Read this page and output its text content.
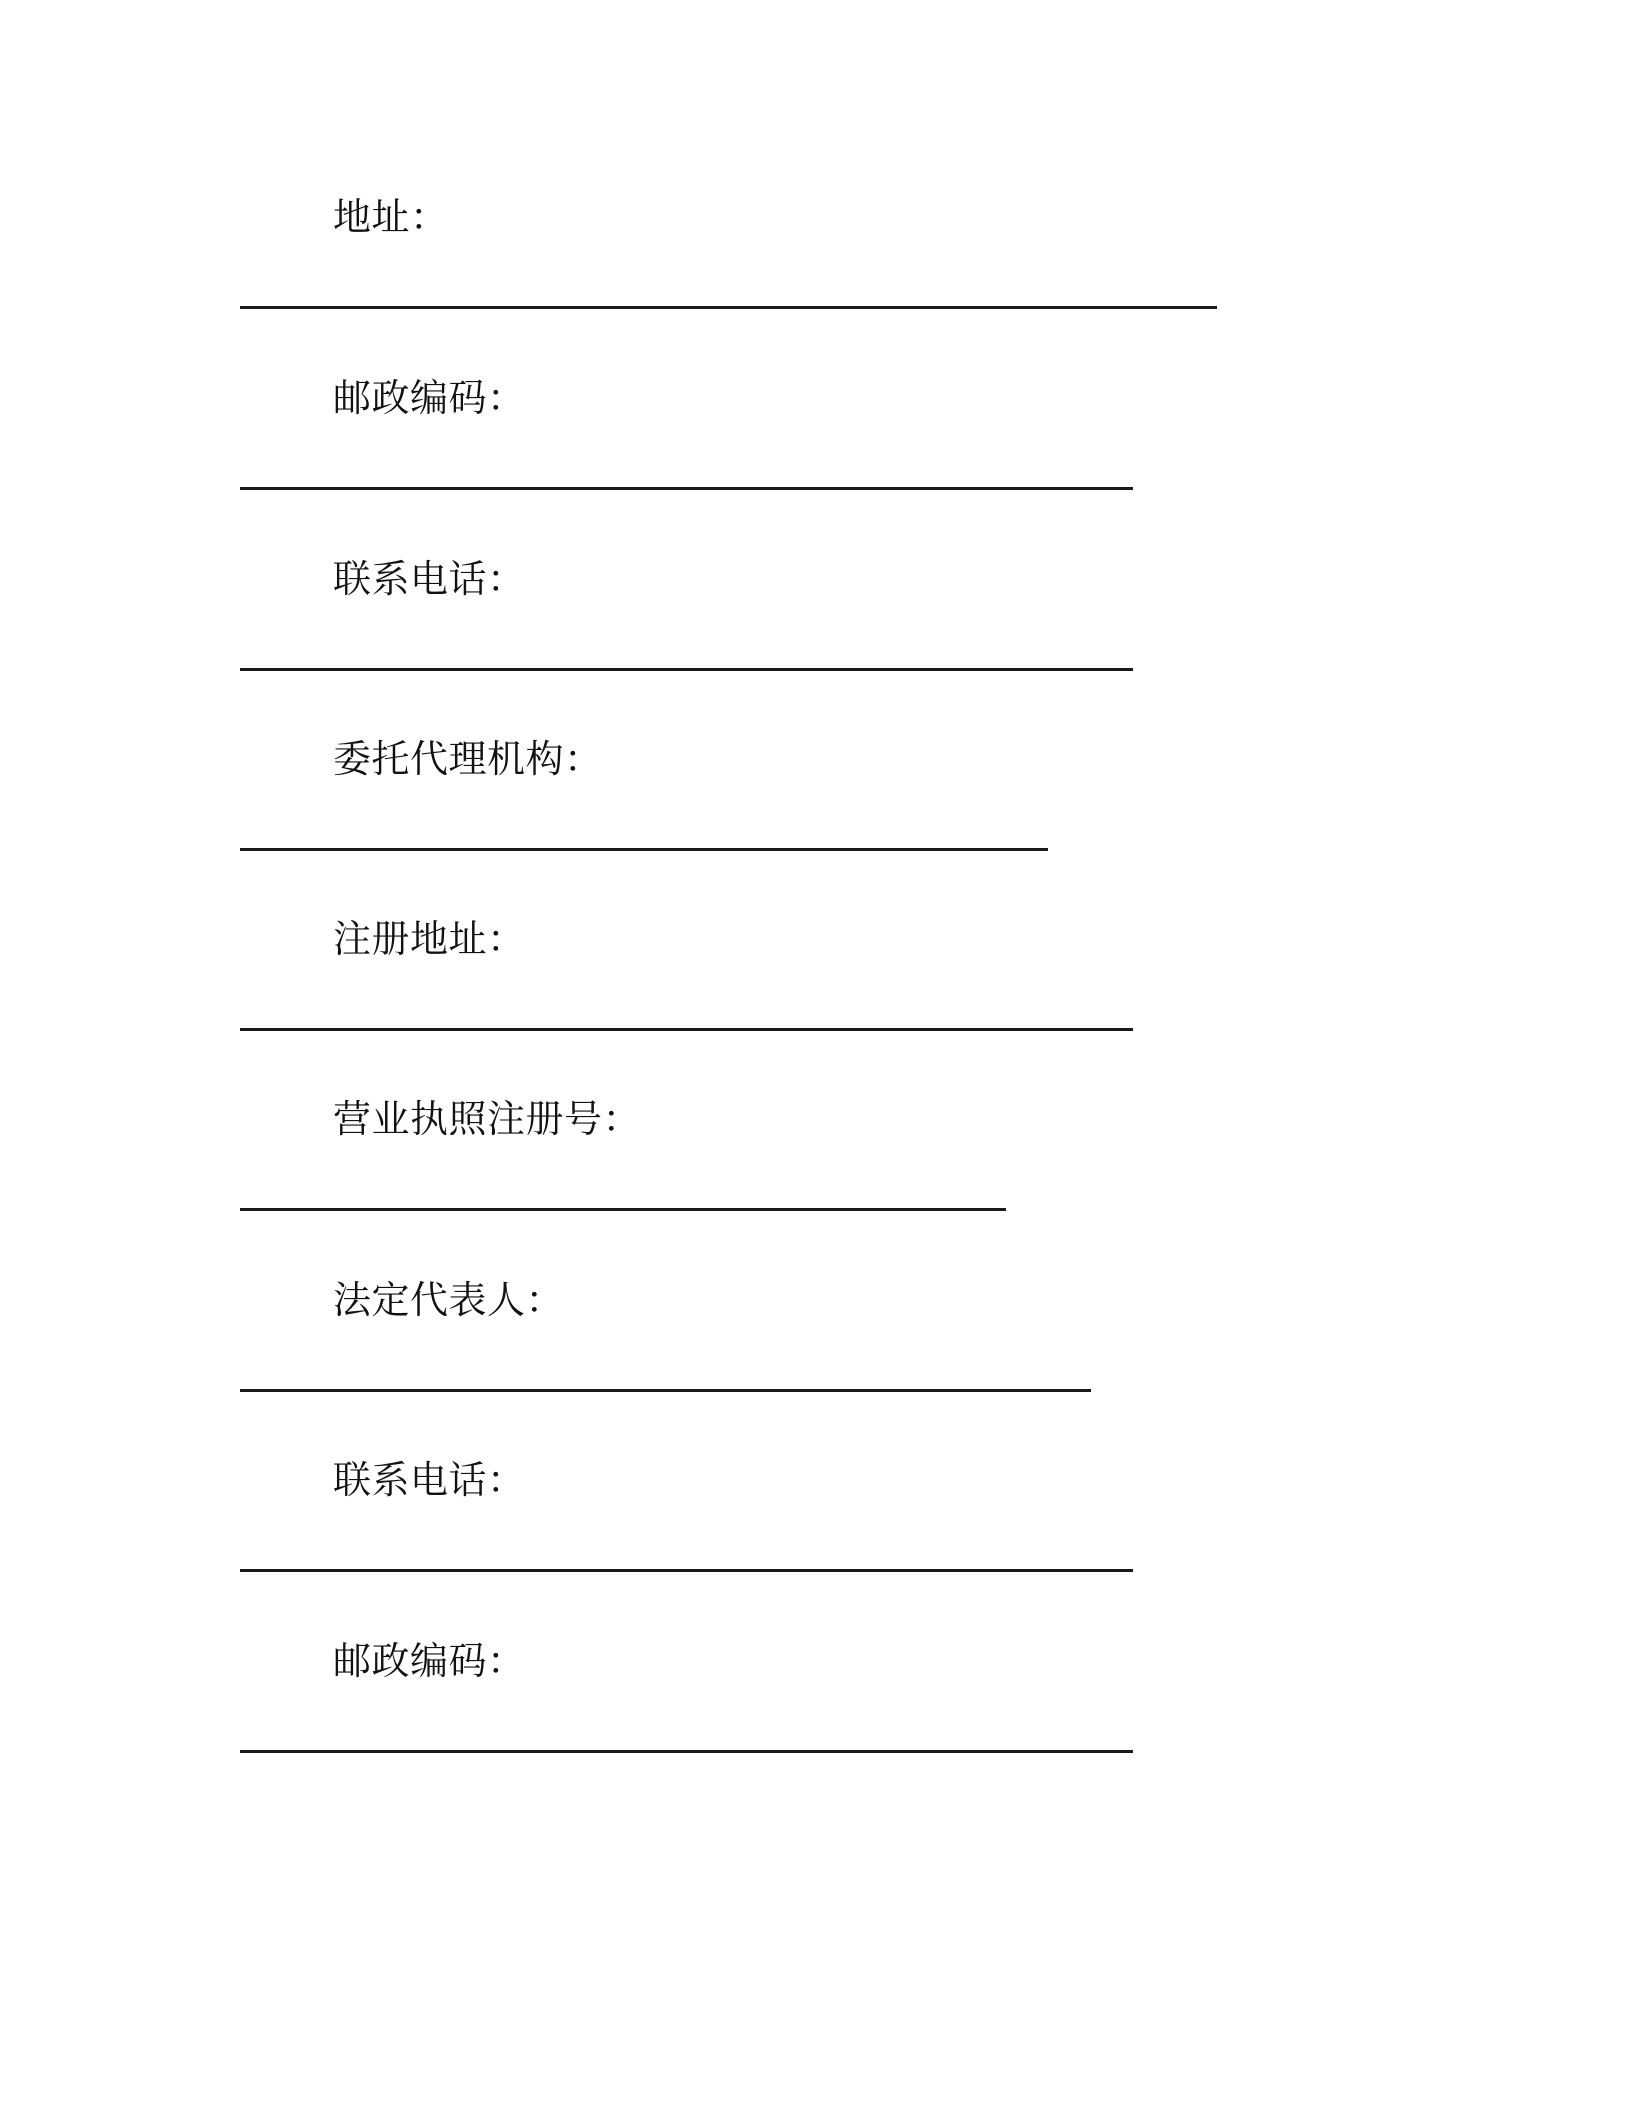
地址：
邮政编码：
联系电话：
委托代理机构：
注册地址：
营业执照注册号：
法定代表人：
联系电话：
邮政编码：
